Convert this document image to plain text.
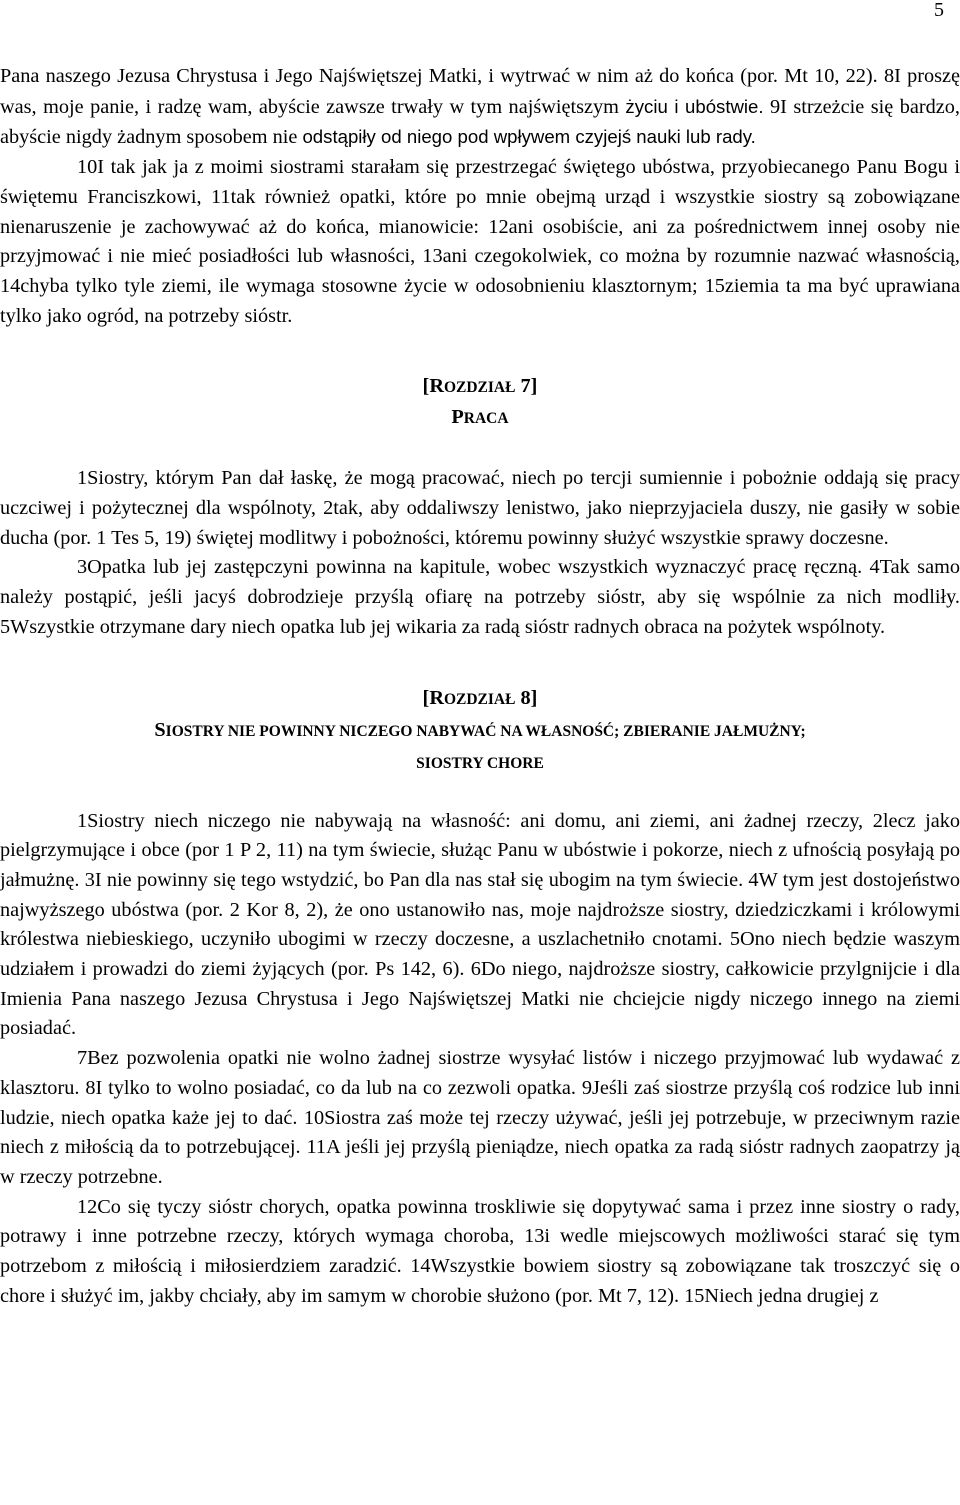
5

Pana naszego Jezusa Chrystusa i Jego Najświętszej Matki, i wytrwać w nim aż do końca (por. Mt 10, 22). 8I proszę was, moje panie, i radzę wam, abyście zawsze trwały w tym najświętszym życiu i ubóstwie. 9I strzeżcie się bardzo, abyście nigdy żadnym sposobem nie odstąpiły od niego pod wpływem czyjejś nauki lub rady.

10I tak jak ja z moimi siostrami starałam się przestrzegać świętego ubóstwa, przyobiecanego Panu Bogu i świętemu Franciszkowi, 11tak również opatki, które po mnie obejmą urząd i wszystkie siostry są zobowiązane nienaruszenie je zachowywać aż do końca, mianowicie: 12ani osobiście, ani za pośrednictwem innej osoby nie przyjmować i nie mieć posiadłości lub własności, 13ani czegokolwiek, co można by rozumnie nazwać własnością, 14chyba tylko tyle ziemi, ile wymaga stosowne życie w odosobnieniu klasztornym; 15ziemia ta ma być uprawiana tylko jako ogród, na potrzeby sióstr.

[ROZDZIAŁ 7]
PRACA

1Siostry, którym Pan dał łaskę, że mogą pracować, niech po tercji sumiennie i pobożnie oddają się pracy uczciwej i pożytecznej dla wspólnoty, 2tak, aby oddaliwszy lenistwo, jako nieprzyjaciela duszy, nie gasiły w sobie ducha (por. 1 Tes 5, 19) świętej modlitwy i pobożności, któremu powinny służyć wszystkie sprawy doczesne.

3Opatka lub jej zastępczyni powinna na kapitule, wobec wszystkich wyznaczyć pracę ręczną. 4Tak samo należy postąpić, jeśli jacyś dobrodzieje przyślą ofiarę na potrzeby sióstr, aby się wspólnie za nich modliły. 5Wszystkie otrzymane dary niech opatka lub jej wikaria za radą sióstr radnych obraca na pożytek wspólnoty.

[ROZDZIAŁ 8]
SIOSTRY NIE POWINNY NICZEGO NABYWAĆ NA WŁASNOŚĆ; ZBIERANIE JAŁMUŻNY;
SIOSTRY CHORE

1Siostry niech niczego nie nabywają na własność: ani domu, ani ziemi, ani żadnej rzeczy, 2lecz jako pielgrzymujące i obce (por 1 P 2, 11) na tym świecie, służąc Panu w ubóstwie i pokorze, niech z ufnością posyłają po jałmużnę. 3I nie powinny się tego wstydzić, bo Pan dla nas stał się ubogim na tym świecie. 4W tym jest dostojeństwo najwyższego ubóstwa (por. 2 Kor 8, 2), że ono ustanowiło nas, moje najdroższe siostry, dziedziczkami i królowymi królestwa niebieskiego, uczyniło ubogimi w rzeczy doczesne, a uszlachetniło cnotami. 5Ono niech będzie waszym udziałem i prowadzi do ziemi żyjących (por. Ps 142, 6). 6Do niego, najdroższe siostry, całkowicie przylgnijcie i dla Imienia Pana naszego Jezusa Chrystusa i Jego Najświętszej Matki nie chciejcie nigdy niczego innego na ziemi posiadać.

7Bez pozwolenia opatki nie wolno żadnej siostrze wysyłać listów i niczego przyjmować lub wydawać z klasztoru. 8I tylko to wolno posiadać, co da lub na co zezwoli opatka. 9Jeśli zaś siostrze przyślą coś rodzice lub inni ludzie, niech opatka każe jej to dać. 10Siostra zaś może tej rzeczy używać, jeśli jej potrzebuje, w przeciwnym razie niech z miłością da to potrzebującej. 11A jeśli jej przyślą pieniądze, niech opatka za radą sióstr radnych zaopatrzy ją w rzeczy potrzebne.

12Co się tyczy sióstr chorych, opatka powinna troskliwie się dopytywać sama i przez inne siostry o rady, potrawy i inne potrzebne rzeczy, których wymaga choroba, 13i wedle miejscowych możliwości starać się tym potrzebom z miłością i miłosierdziem zaradzić. 14Wszystkie bowiem siostry są zobowiązane tak troszczyć się o chore i służyć im, jakby chciały, aby im samym w chorobie służono (por. Mt 7, 12). 15Niech jedna drugiej z
